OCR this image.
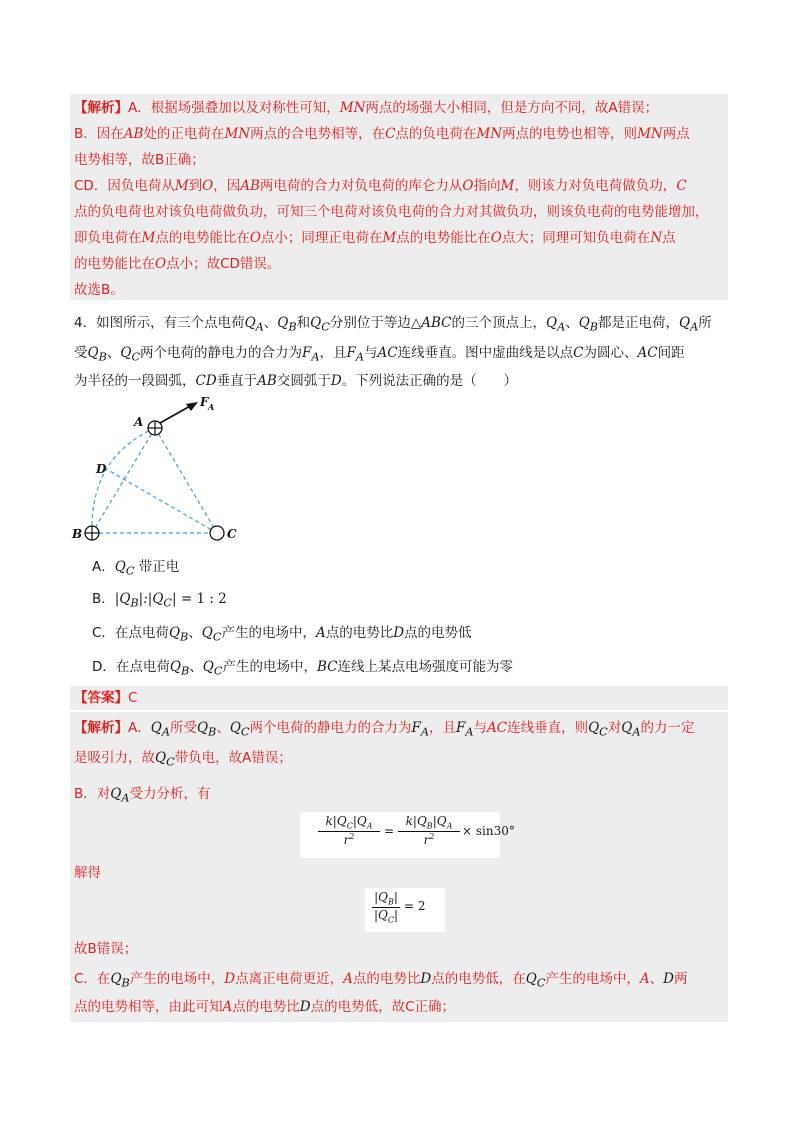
【解析】A．根据场强叠加以及对称性可知，MN两点的场强大小相同，但是方向不同，故A错误；
B．因在AB处的正电荷在MN两点的合电势相等，在C点的负电荷在MN两点的电势也相等，则MN两点
电势相等，故B正确；
CD．因负电荷从M到O，因AB两电荷的合力对负电荷的库仑力从O指向M，则该力对负电荷做负功，C
点的负电荷也对该负电荷做负功，可知三个电荷对该负电荷的合力对其做负功，则该负电荷的电势能增加，
即负电荷在M点的电势能比在O点小；同理正电荷在M点的电势能比在O点大；同理可知负电荷在N点
的电势能比在O点小；故CD错误。
故选B。
4．如图所示，有三个点电荷$Q_A$、$Q_B$和$Q_C$分别位于等边△ABC的三个顶点上，$Q_A$、$Q_B$都是正电荷，$Q_A$所
受$Q_B$、$Q_C$两个电荷的静电力的合力为$F_A$，且$F_A$与AC连线垂直。图中虚曲线是以点C为圆心、AC间距
为半径的一段圆弧，CD垂直于AB交圆弧于D。下列说法正确的是（　　）
A
B	C
D
F A
A．$Q_C$ 带正电
B．$|Q_B|:|Q_C| = 1$ : 2
C．在点电荷$Q_B$、$Q_C$产生的电场中，A点的电势比D点的电势低
D．在点电荷$Q_B$、$Q_C$产生的电场中，BC连线上某点电场强度可能为零
【答案】C
【解析】A．$Q_A$所受$Q_B$、$Q_C$两个电荷的静电力的合力为$F_A$，且$F_A$与AC连线垂直，则$Q_C$对$Q_A$的力一定
是吸引力，故$Q_C$带负电，故A错误；
B．对$Q_A$受力分析，有
$k|Q_C|Q_A$
$r^2$	=
$k|Q_B|Q_A$
$r^2$	× sin30°
解得
$|Q_B|$
$|Q_C|$
= 2
故B错误；
C．在$Q_B$产生的电场中，D点离正电荷更近，A点的电势比D点的电势低，在$Q_C$产生的电场中，A、D两
点的电势相等，由此可知A点的电势比D点的电势低，故C正确；
